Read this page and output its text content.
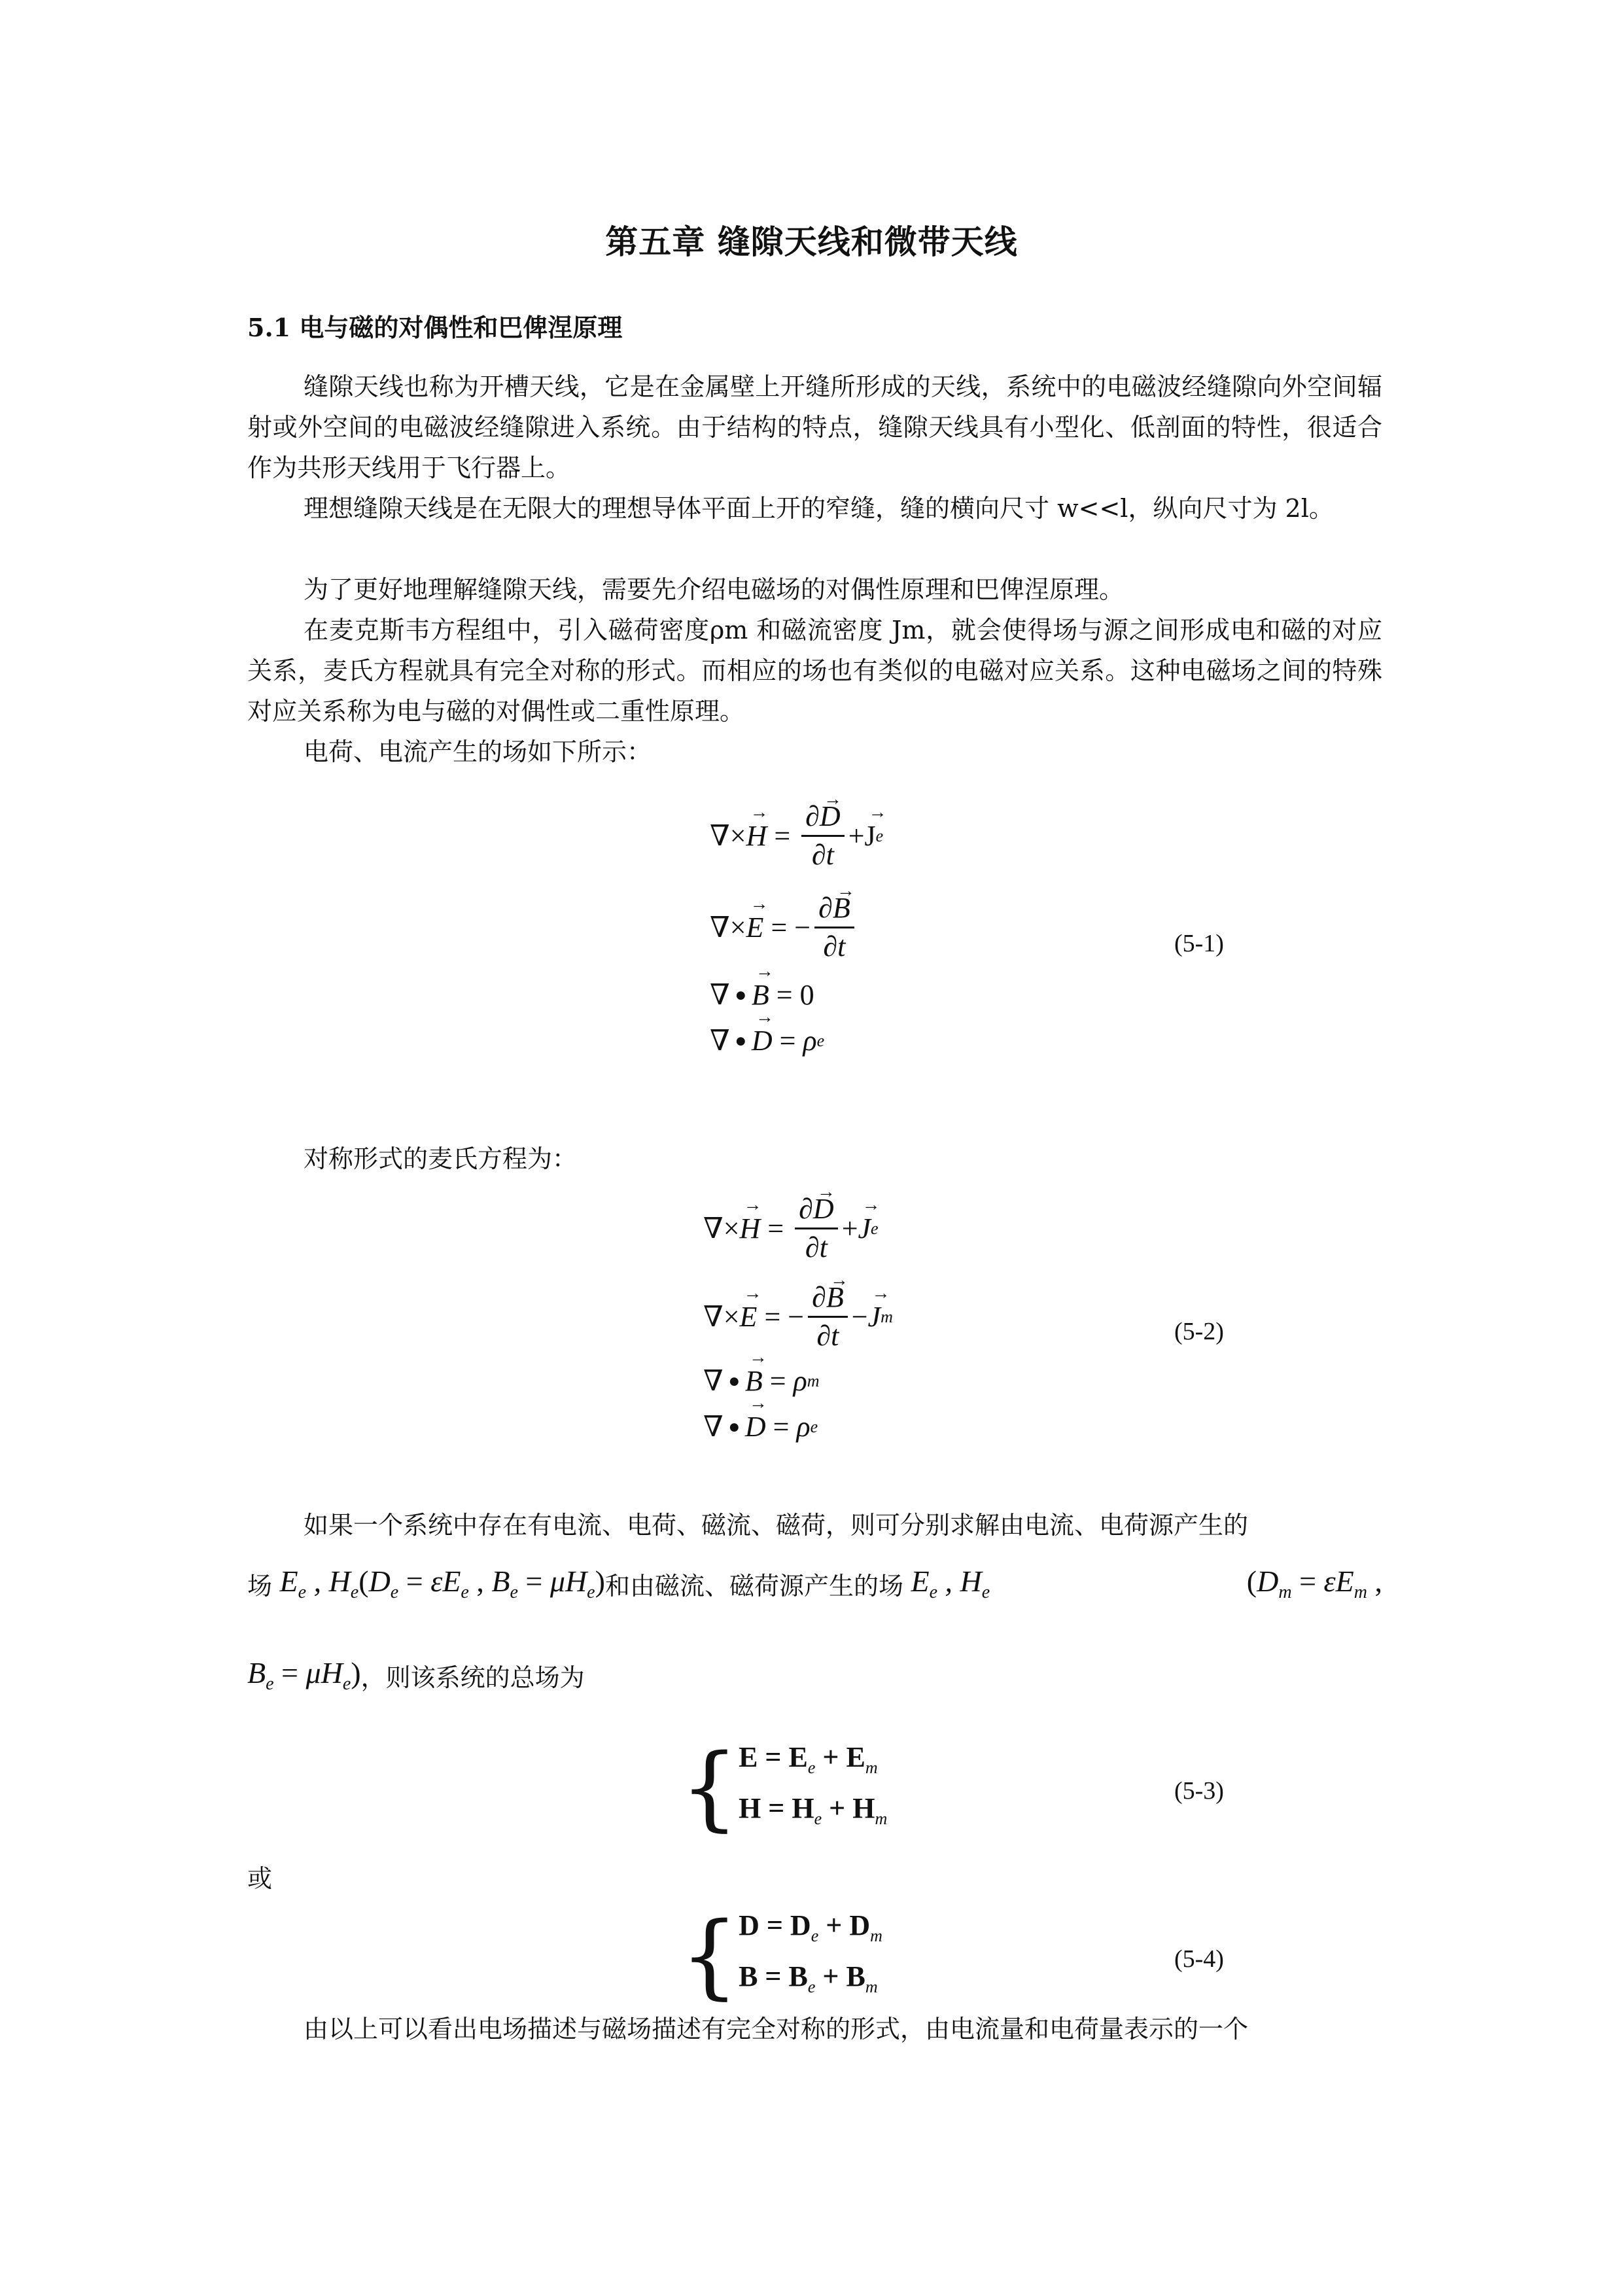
第五章 缝隙天线和微带天线
5.1 电与磁的对偶性和巴俾涅原理
缝隙天线也称为开槽天线，它是在金属壁上开缝所形成的天线，系统中的电磁波经缝隙向外空间辐射或外空间的电磁波经缝隙进入系统。由于结构的特点，缝隙天线具有小型化、低剖面的特性，很适合作为共形天线用于飞行器上。
理想缝隙天线是在无限大的理想导体平面上开的窄缝，缝的横向尺寸 w<<l，纵向尺寸为 2l。
为了更好地理解缝隙天线，需要先介绍电磁场的对偶性原理和巴俾涅原理。
在麦克斯韦方程组中，引入磁荷密度ρm 和磁流密度 Jm，就会使得场与源之间形成电和磁的对应关系，麦氏方程就具有完全对称的形式。而相应的场也有类似的电磁对应关系。这种电磁场之间的特殊对应关系称为电与磁的对偶性或二重性原理。
电荷、电流产生的场如下所示：
∇× → $H = \frac{\partial\to D}{\partial t}$ + → J e
∇× → E = − $\frac{\partial\to B}{\partial t}$
∇ ● → B = 0
∇ ● → D = ρ e
(5-1)
对称形式的麦氏方程为：
∇× → $H = \frac{\partial\to D}{\partial t}$ + → J e
∇× → E = − $\frac{\partial\to B}{\partial t}$ − → J m
∇ ● → B = ρ m
∇ ● → D = ρ e
(5-2)
如果一个系统中存在有电流、电荷、磁流、磁荷，则可分别求解由电流、电荷源产生的
场 $E_e$ , $H_e$ ($D_e = \varepsilon E_e$ , $B_e = \mu H_e$) 和由磁流、磁荷源产生的场 $E_e$ , $H_e$	($D_m = \varepsilon E_m$ ,
$B_e = \mu H_e$) ，则该系统的总场为
{ $E = E_e + E_m$
$H = H_e + H_m$
(5-3)
或
{ $D = D_e + D_m$
$B = B_e + B_m$
(5-4)
由以上可以看出电场描述与磁场描述有完全对称的形式，由电流量和电荷量表示的一个
